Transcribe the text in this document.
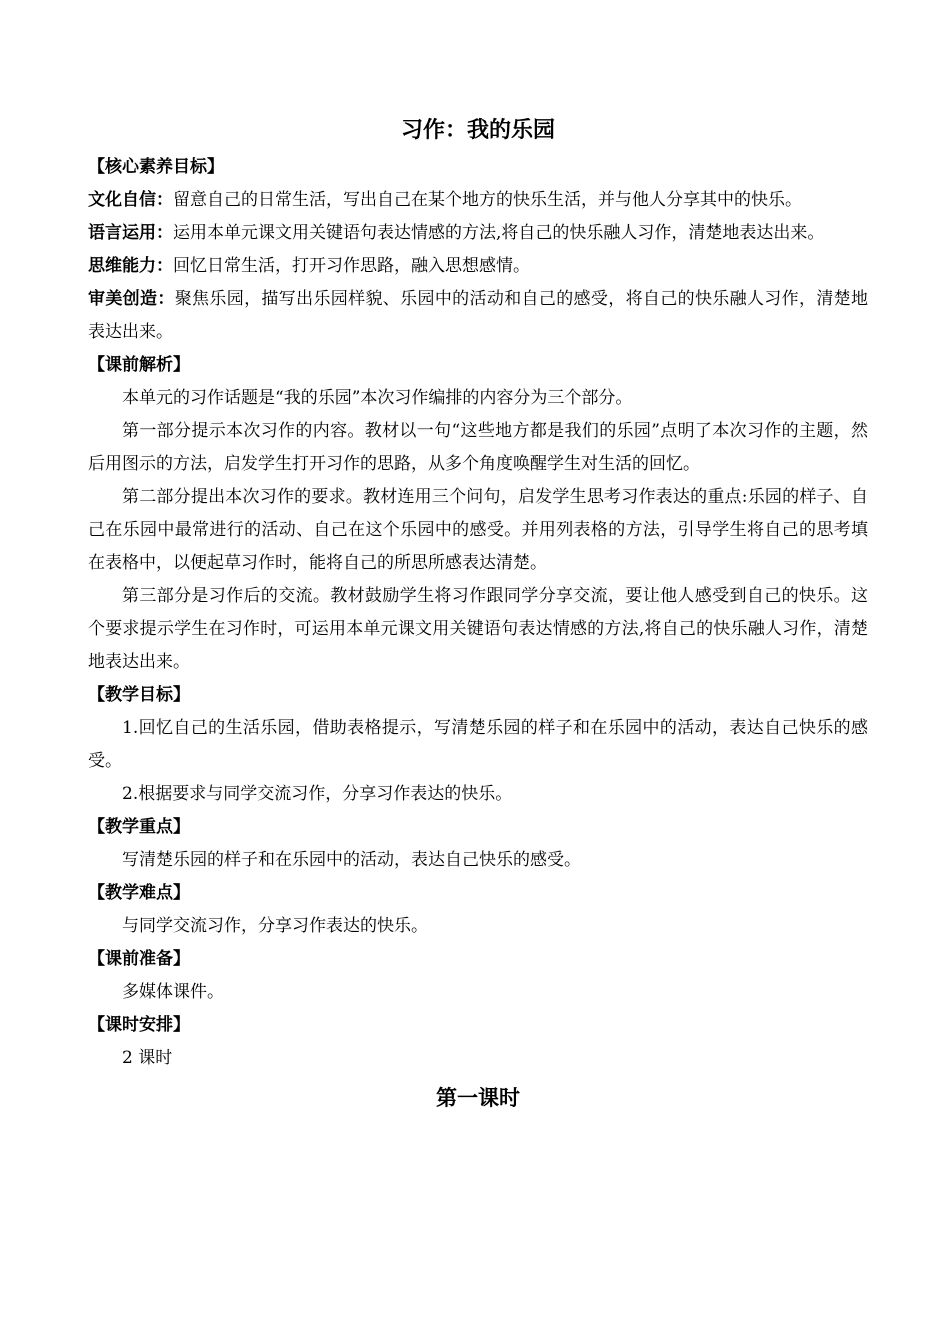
习作：我的乐园

【核心素养目标】

文化自信：留意自己的日常生活，写出自己在某个地方的快乐生活，并与他人分享其中的快乐。

语言运用：运用本单元课文用关键语句表达情感的方法,将自己的快乐融人习作，清楚地表达出来。

思维能力：回忆日常生活，打开习作思路，融入思想感情。

审美创造：聚焦乐园，描写出乐园样貌、乐园中的活动和自己的感受，将自己的快乐融人习作，清楚地表达出来。

【课前解析】

本单元的习作话题是“我的乐园”本次习作编排的内容分为三个部分。

第一部分提示本次习作的内容。教材以一句“这些地方都是我们的乐园”点明了本次习作的主题，然后用图示的方法，启发学生打开习作的思路，从多个角度唤醒学生对生活的回忆。

第二部分提出本次习作的要求。教材连用三个问句，启发学生思考习作表达的重点:乐园的样子、自己在乐园中最常进行的活动、自己在这个乐园中的感受。并用列表格的方法，引导学生将自己的思考填在表格中，以便起草习作时，能将自己的所思所感表达清楚。

第三部分是习作后的交流。教材鼓励学生将习作跟同学分享交流，要让他人感受到自己的快乐。这个要求提示学生在习作时，可运用本单元课文用关键语句表达情感的方法,将自己的快乐融人习作，清楚地表达出来。

【教学目标】

1.回忆自己的生活乐园，借助表格提示，写清楚乐园的样子和在乐园中的活动，表达自己快乐的感受。

2.根据要求与同学交流习作，分享习作表达的快乐。

【教学重点】

写清楚乐园的样子和在乐园中的活动，表达自己快乐的感受。

【教学难点】

与同学交流习作，分享习作表达的快乐。

【课前准备】

多媒体课件。

【课时安排】

2 课时

第一课时
